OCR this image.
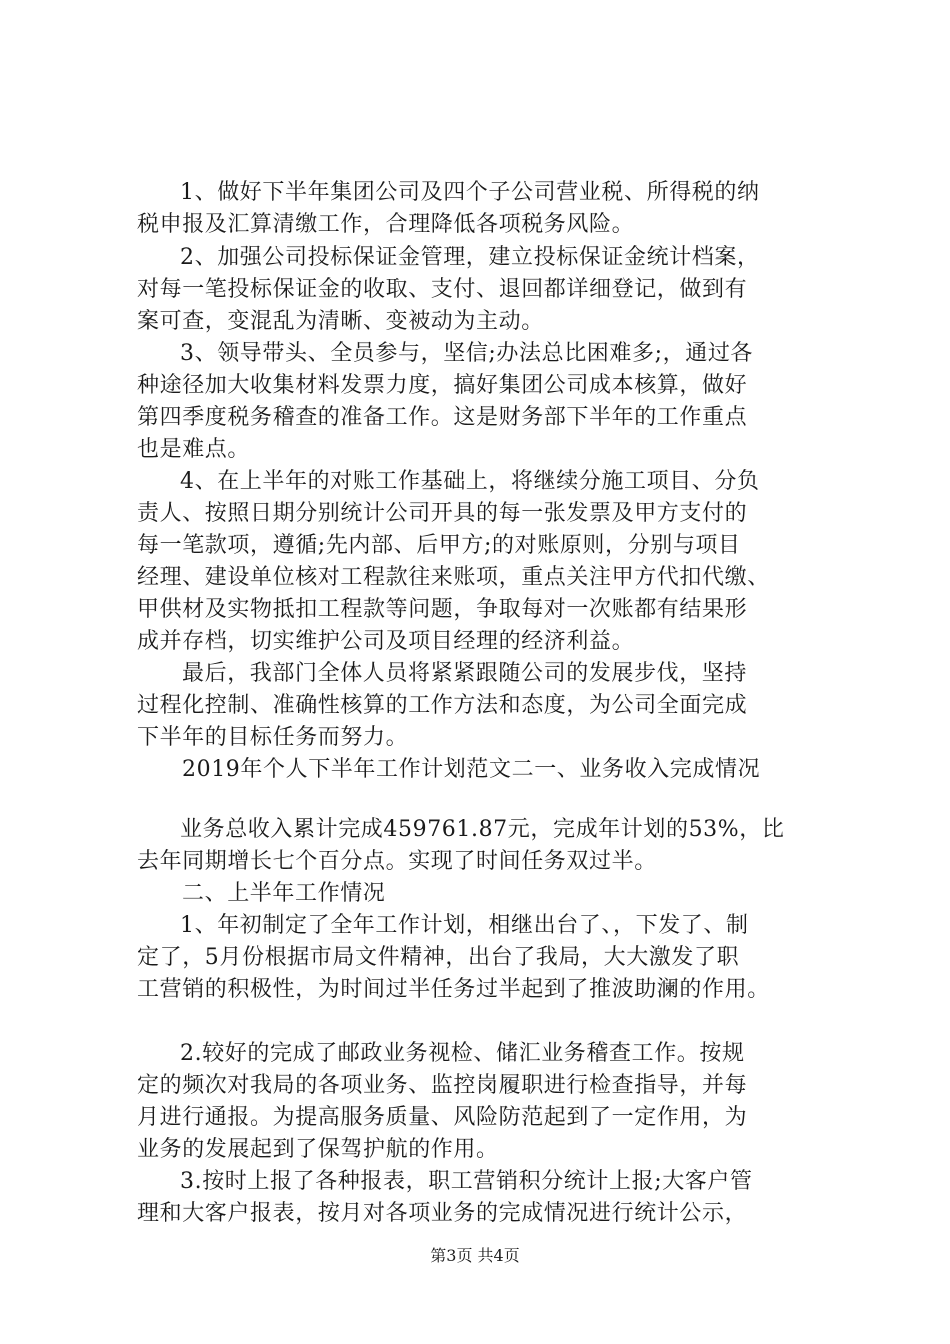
1、做好下半年集团公司及四个子公司营业税、所得税的纳
税申报及汇算清缴工作，合理降低各项税务风险。
2、加强公司投标保证金管理，建立投标保证金统计档案，
对每一笔投标保证金的收取、支付、退回都详细登记，做到有
案可查，变混乱为清晰、变被动为主动。
3、领导带头、全员参与，坚信;办法总比困难多;，通过各
种途径加大收集材料发票力度，搞好集团公司成本核算，做好
第四季度税务稽查的准备工作。这是财务部下半年的工作重点
也是难点。
4、在上半年的对账工作基础上，将继续分施工项目、分负
责人、按照日期分别统计公司开具的每一张发票及甲方支付的
每一笔款项，遵循;先内部、后甲方;的对账原则，分别与项目
经理、建设单位核对工程款往来账项，重点关注甲方代扣代缴、
甲供材及实物抵扣工程款等问题，争取每对一次账都有结果形
成并存档，切实维护公司及项目经理的经济利益。
最后，我部门全体人员将紧紧跟随公司的发展步伐，坚持
过程化控制、准确性核算的工作方法和态度，为公司全面完成
下半年的目标任务而努力。
2019年个人下半年工作计划范文二一、业务收入完成情况
业务总收入累计完成459761.87元，完成年计划的53%，比
去年同期增长七个百分点。实现了时间任务双过半。
二、上半年工作情况
1、年初制定了全年工作计划，相继出台了、，下发了、制
定了，5月份根据市局文件精神，出台了我局，大大激发了职
工营销的积极性，为时间过半任务过半起到了推波助澜的作用。
2.较好的完成了邮政业务视检、储汇业务稽查工作。按规
定的频次对我局的各项业务、监控岗履职进行检查指导，并每
月进行通报。为提高服务质量、风险防范起到了一定作用，为
业务的发展起到了保驾护航的作用。
3.按时上报了各种报表，职工营销积分统计上报;大客户管
理和大客户报表，按月对各项业务的完成情况进行统计公示，
第3页 共4页
